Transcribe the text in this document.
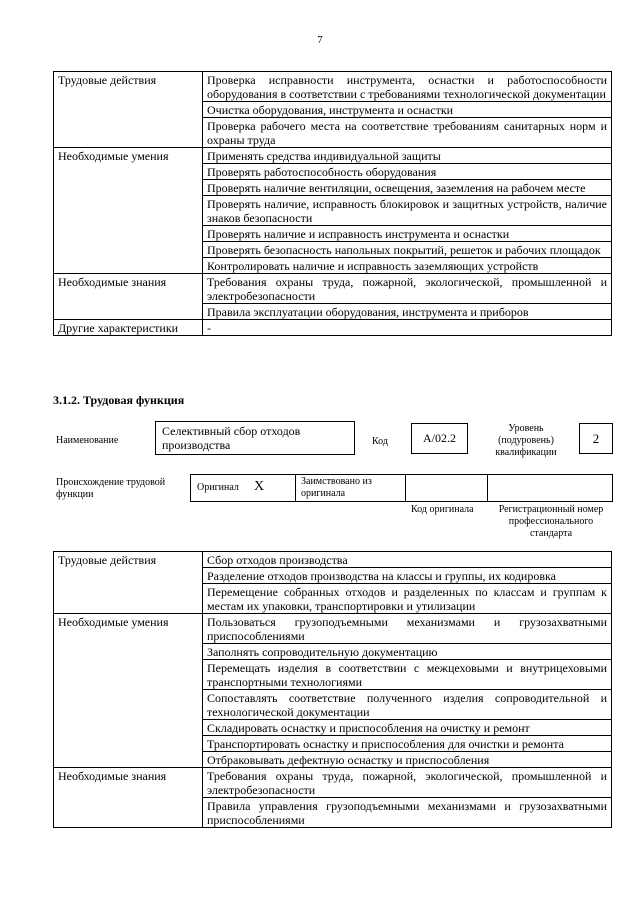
7
Трудовые действия	Проверка исправности инструмента, оснастки и работоспособности оборудования в соответствии с требованиями технологической документации
	Очистка оборудования, инструмента и оснастки
	Проверка рабочего места на соответствие требованиям санитарных норм и охраны труда
Необходимые умения	Применять средства индивидуальной защиты
	Проверять работоспособность оборудования
	Проверять наличие вентиляции, освещения, заземления на рабочем месте
	Проверять наличие, исправность блокировок и защитных устройств, наличие знаков безопасности
	Проверять наличие и исправность инструмента и оснастки
	Проверять безопасность напольных покрытий, решеток и рабочих площадок
	Контролировать наличие и исправность заземляющих устройств
Необходимые знания	Требования охраны труда, пожарной, экологической, промышленной и электробезопасности
	Правила эксплуатации оборудования, инструмента и приборов
Другие характеристики	-
3.1.2. Трудовая функция
Наименование
Селективный сбор отходов производства	Код	А/02.2
Уровень (подуровень) квалификации
2
Происхождение трудовой функции
Оригинал Х	Заимствовано из оригинала
Код оригинала	Регистрационный номер профессионального стандарта
Трудовые действия	Сбор отходов производства
	Разделение отходов производства на классы и группы, их кодировка
	Перемещение собранных отходов и разделенных по классам и группам к местам их упаковки, транспортировки и утилизации
Необходимые умения	Пользоваться грузоподъемными механизмами и грузозахватными приспособлениями
	Заполнять сопроводительную документацию
	Перемещать изделия в соответствии с межцеховыми и внутрицеховыми транспортными технологиями
	Сопоставлять соответствие полученного изделия сопроводительной и технологической документации
	Складировать оснастку и приспособления на очистку и ремонт
	Транспортировать оснастку и приспособления для очистки и ремонта
	Отбраковывать дефектную оснастку и приспособления
Необходимые знания	Требования охраны труда, пожарной, экологической, промышленной и электробезопасности
	Правила управления грузоподъемными механизмами и грузозахватными приспособлениями
